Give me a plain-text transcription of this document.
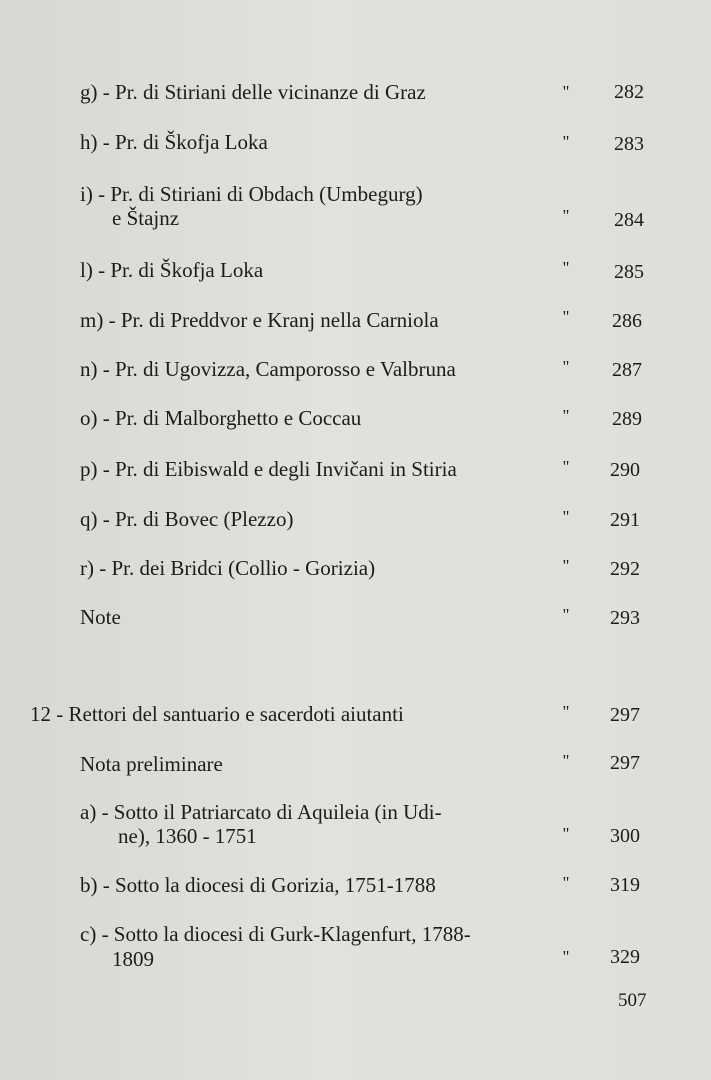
g) - Pr. di Stiriani delle vicinanze di Graz	"	282
h) - Pr. di Škofja Loka	"	283
i) - Pr. di Stiriani di Obdach (Umbegurg)
e Štajnz	"	284
l) - Pr. di Škofja Loka	"	285
m) - Pr. di Preddvor e Kranj nella Carniola	"	286
n) - Pr. di Ugovizza, Camporosso e Valbruna	"	287
o) - Pr. di Malborghetto e Coccau	"	289
p) - Pr. di Eibiswald e degli Invičani in Stiria	"	290
q) - Pr. di Bovec (Plezzo)	"	291
r) - Pr. dei Bridci (Collio - Gorizia)	"	292
Note	"	293
12 - Rettori del santuario e sacerdoti aiutanti	"	297
Nota preliminare	"	297
a) - Sotto il Patriarcato di Aquileia (in Udi-
ne), 1360 - 1751	"	300
b) - Sotto la diocesi di Gorizia, 1751-1788	"	319
c) - Sotto la diocesi di Gurk-Klagenfurt, 1788-
1809	"	329
507
